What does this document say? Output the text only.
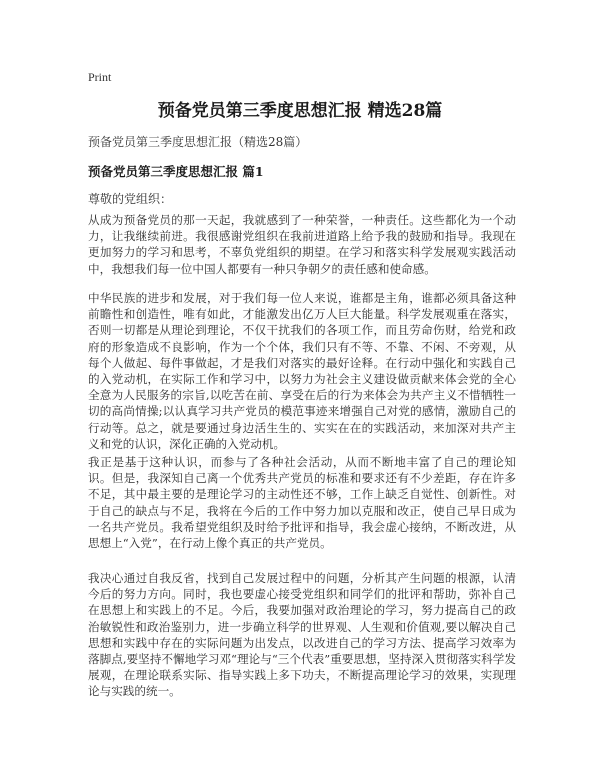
Print
预备党员第三季度思想汇报 精选28篇
预备党员第三季度思想汇报（精选28篇）
预备党员第三季度思想汇报 篇1
尊敬的党组织：

从成为预备党员的那一天起，我就感到了一种荣誉，一种责任。这些都化为一个动力，让我继续前进。我很感谢党组织在我前进道路上给予我的鼓励和指导。我现在更加努力的学习和思考，不辜负党组织的期望。在学习和落实科学发展观实践活动中，我想我们每一位中国人都要有一种只争朝夕的责任感和使命感。

中华民族的进步和发展，对于我们每一位人来说，谁都是主角，谁都必须具备这种前瞻性和创造性，唯有如此，才能激发出亿万人巨大能量。科学发展观重在落实，否则一切都是从理论到理论，不仅干扰我们的各项工作，而且劳命伤财，给党和政府的形象造成不良影响，作为一个个体，我们只有不等、不靠、不闲、不旁观，从每个人做起、每件事做起，才是我们对落实的最好诠释。在行动中强化和实践自己的入党动机，在实际工作和学习中，以努力为社会主义建设做贡献来体会党的全心全意为人民服务的宗旨,以吃苦在前、享受在后的行为来体会为共产主义不惜牺牲一切的高尚情操;以认真学习共产党员的模范事迹来增强自己对党的感情，激励自己的行动等。总之，就是要通过身边活生生的、实实在在的实践活动，来加深对共产主义和党的认识，深化正确的入党动机。

我正是基于这种认识，而参与了各种社会活动，从而不断地丰富了自己的理论知识。但是，我深知自己离一个优秀共产党员的标准和要求还有不少差距，存在许多不足，其中最主要的是理论学习的主动性还不够，工作上缺乏自觉性、创新性。对于自己的缺点与不足，我将在今后的工作中努力加以克服和改正，使自己早日成为一名共产党员。我希望党组织及时给予批评和指导，我会虚心接纳，不断改进，从思想上“入党”，在行动上像个真正的共产党员。

我决心通过自我反省，找到自己发展过程中的问题，分析其产生问题的根源，认清今后的努力方向。同时，我也要虚心接受党组织和同学们的批评和帮助，弥补自己在思想上和实践上的不足。今后，我要加强对政治理论的学习，努力提高自己的政治敏锐性和政治鉴别力，进一步确立科学的世界观、人生观和价值观,要以解决自己思想和实践中存在的实际问题为出发点，以改进自己的学习方法、提高学习效率为落脚点,要坚持不懈地学习邓“理论与“三个代表”重要思想，坚持深入贯彻落实科学发展观，在理论联系实际、指导实践上多下功夫，不断提高理论学习的效果，实现理论与实践的统一。
